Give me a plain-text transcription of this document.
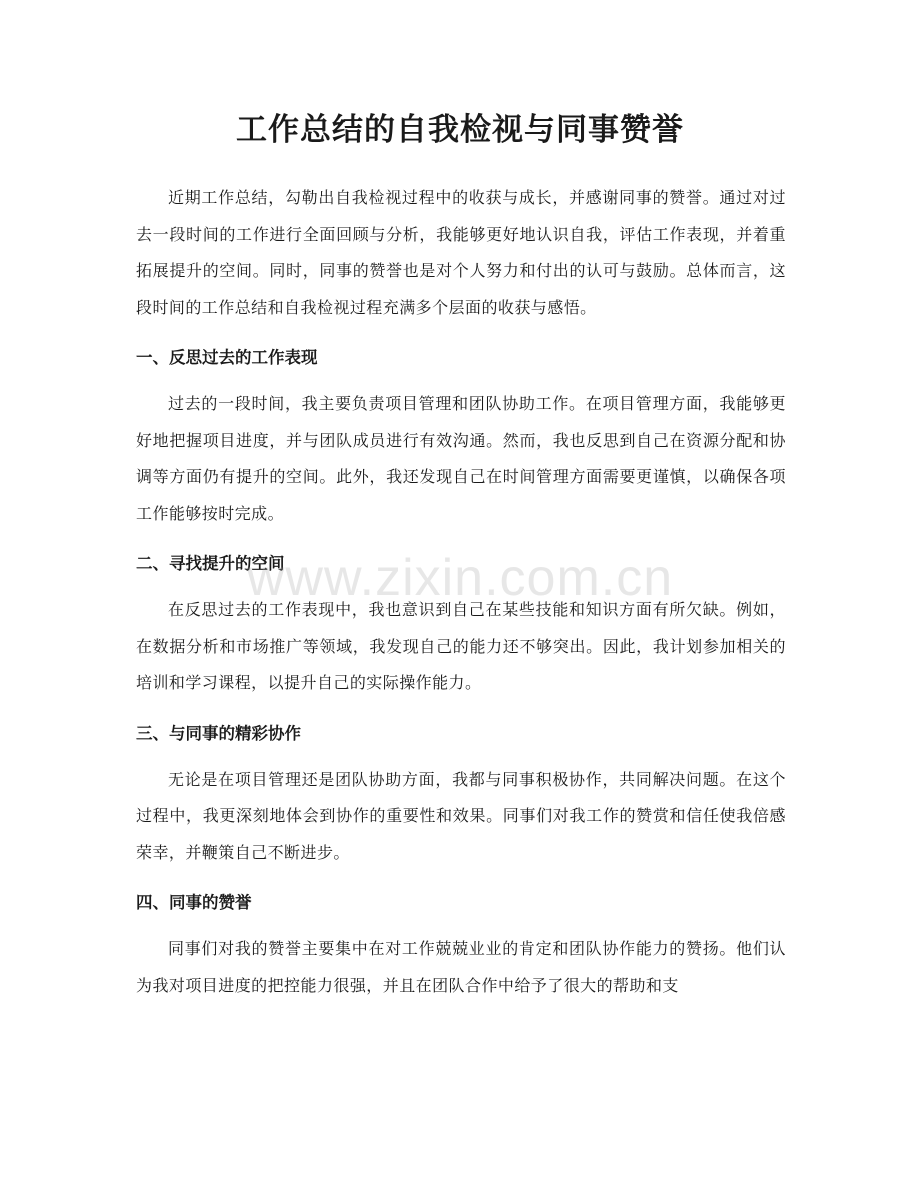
工作总结的自我检视与同事赞誉

近期工作总结，勾勒出自我检视过程中的收获与成长，并感谢同事的赞誉。通过对过去一段时间的工作进行全面回顾与分析，我能够更好地认识自我，评估工作表现，并着重拓展提升的空间。同时，同事的赞誉也是对个人努力和付出的认可与鼓励。总体而言，这段时间的工作总结和自我检视过程充满多个层面的收获与感悟。

一、反思过去的工作表现

过去的一段时间，我主要负责项目管理和团队协助工作。在项目管理方面，我能够更好地把握项目进度，并与团队成员进行有效沟通。然而，我也反思到自己在资源分配和协调等方面仍有提升的空间。此外，我还发现自己在时间管理方面需要更谨慎，以确保各项工作能够按时完成。

二、寻找提升的空间

在反思过去的工作表现中，我也意识到自己在某些技能和知识方面有所欠缺。例如，在数据分析和市场推广等领域，我发现自己的能力还不够突出。因此，我计划参加相关的培训和学习课程，以提升自己的实际操作能力。

三、与同事的精彩协作

无论是在项目管理还是团队协助方面，我都与同事积极协作，共同解决问题。在这个过程中，我更深刻地体会到协作的重要性和效果。同事们对我工作的赞赏和信任使我倍感荣幸，并鞭策自己不断进步。

四、同事的赞誉

同事们对我的赞誉主要集中在对工作兢兢业业的肯定和团队协作能力的赞扬。他们认为我对项目进度的把控能力很强，并且在团队合作中给予了很大的帮助和支

www.zixin.com.cn
